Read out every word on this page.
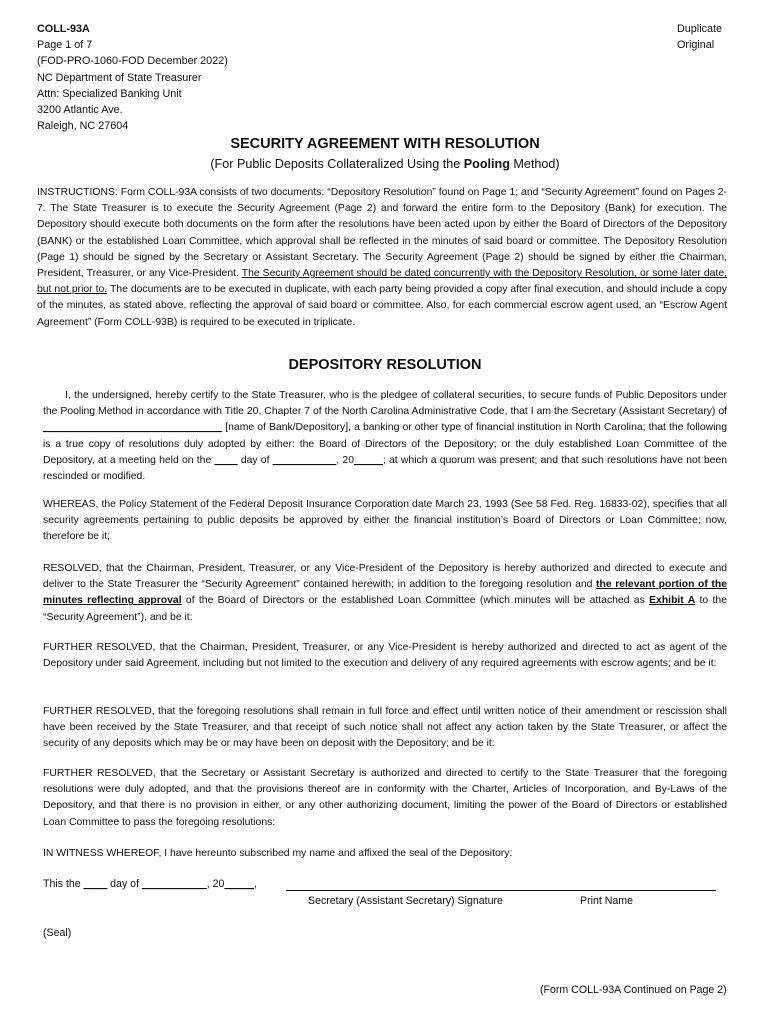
COLL-93A
Page 1 of 7
(FOD-PRO-1060-FOD December 2022)
NC Department of State Treasurer
Attn: Specialized Banking Unit
3200 Atlantic Ave.
Raleigh, NC 27604
Duplicate
Original
SECURITY AGREEMENT WITH RESOLUTION
(For Public Deposits Collateralized Using the Pooling Method)
INSTRUCTIONS: Form COLL-93A consists of two documents: “Depository Resolution” found on Page 1; and “Security Agreement” found on Pages 2-7. The State Treasurer is to execute the Security Agreement (Page 2) and forward the entire form to the Depository (Bank) for execution. The Depository should execute both documents on the form after the resolutions have been acted upon by either the Board of Directors of the Depository (BANK) or the established Loan Committee, which approval shall be reflected in the minutes of said board or committee. The Depository Resolution (Page 1) should be signed by the Secretary or Assistant Secretary. The Security Agreement (Page 2) should be signed by either the Chairman, President, Treasurer, or any Vice-President. The Security Agreement should be dated concurrently with the Depository Resolution, or some later date, but not prior to. The documents are to be executed in duplicate, with each party being provided a copy after final execution, and should include a copy of the minutes, as stated above, reflecting the approval of said board or committee. Also, for each commercial escrow agent used, an “Escrow Agent Agreement” (Form COLL-93B) is required to be executed in triplicate.
DEPOSITORY RESOLUTION
I, the undersigned, hereby certify to the State Treasurer, who is the pledgee of collateral securities, to secure funds of Public Depositors under the Pooling Method in accordance with Title 20, Chapter 7 of the North Carolina Administrative Code, that I am the Secretary (Assistant Secretary) of _______________________________ [name of Bank/Depository], a banking or other type of financial institution in North Carolina; that the following is a true copy of resolutions duly adopted by either: the Board of Directors of the Depository; or the duly established Loan Committee of the Depository, at a meeting held on the ____ day of ___________, 20_____; at which a quorum was present; and that such resolutions have not been rescinded or modified.
WHEREAS, the Policy Statement of the Federal Deposit Insurance Corporation date March 23, 1993 (See 58 Fed. Reg. 16833-02), specifies that all security agreements pertaining to public deposits be approved by either the financial institution’s Board of Directors or Loan Committee; now, therefore be it;
RESOLVED, that the Chairman, President, Treasurer, or any Vice-President of the Depository is hereby authorized and directed to execute and deliver to the State Treasurer the “Security Agreement” contained herewith; in addition to the foregoing resolution and the relevant portion of the minutes reflecting approval of the Board of Directors or the established Loan Committee (which minutes will be attached as Exhibit A to the “Security Agreement”), and be it:
FURTHER RESOLVED, that the Chairman, President, Treasurer, or any Vice-President is hereby authorized and directed to act as agent of the Depository under said Agreement, including but not limited to the execution and delivery of any required agreements with escrow agents; and be it:
FURTHER RESOLVED, that the foregoing resolutions shall remain in full force and effect until written notice of their amendment or rescission shall have been received by the State Treasurer, and that receipt of such notice shall not affect any action taken by the State Treasurer, or affect the security of any deposits which may be or may have been on deposit with the Depository; and be it:
FURTHER RESOLVED, that the Secretary or Assistant Secretary is authorized and directed to certify to the State Treasurer that the foregoing resolutions were duly adopted, and that the provisions thereof are in conformity with the Charter, Articles of Incorporation, and By-Laws of the Depository, and that there is no provision in either, or any other authorizing document, limiting the power of the Board of Directors or established Loan Committee to pass the foregoing resolutions:
IN WITNESS WHEREOF, I have hereunto subscribed my name and affixed the seal of the Depository:
This the ____ day of ___________, 20_____,
Secretary (Assistant Secretary) Signature	Print Name
(Seal)
(Form COLL-93A Continued on Page 2)
